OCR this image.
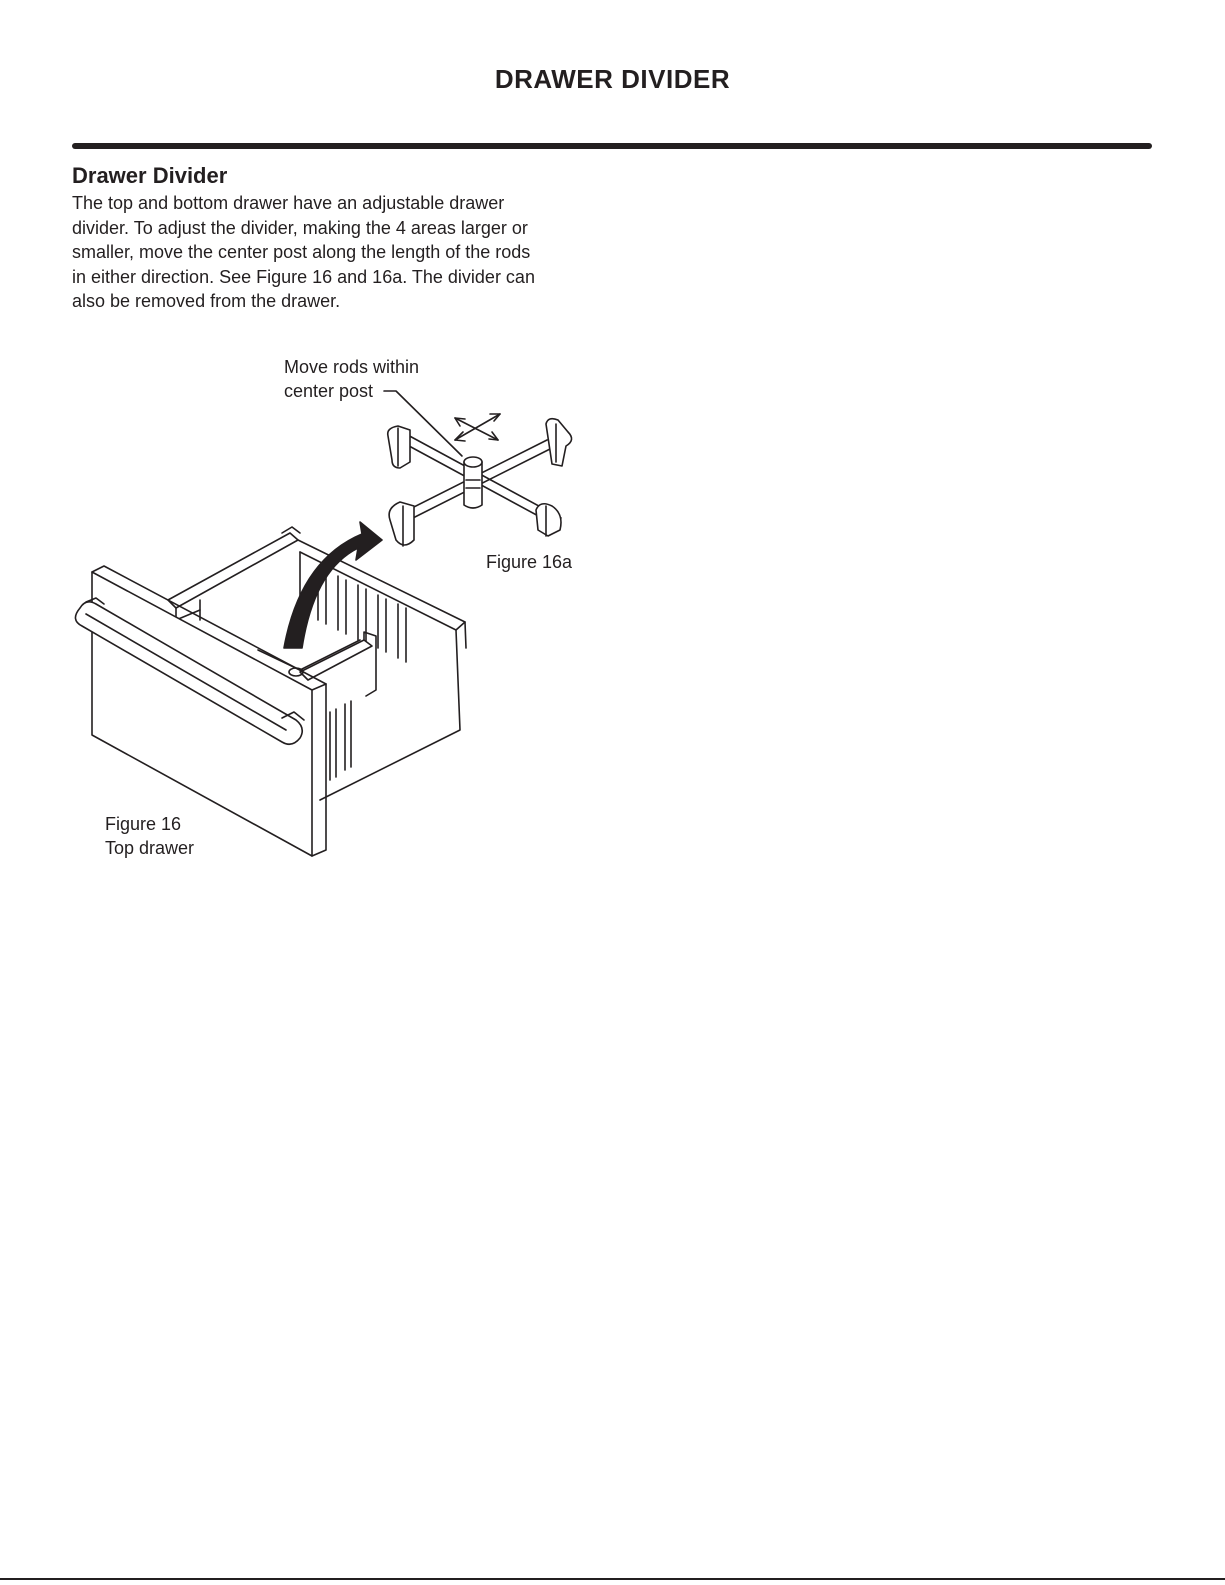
DRAWER DIVIDER
Drawer Divider
The top and bottom drawer have an adjustable drawer
divider. To adjust the divider, making the 4 areas larger or
smaller, move the center post along the length of the rods
in either direction. See Figure 16 and 16a. The divider can
also be removed from the drawer.
Move rods within
center post
Figure 16a
Figure 16
Top drawer
